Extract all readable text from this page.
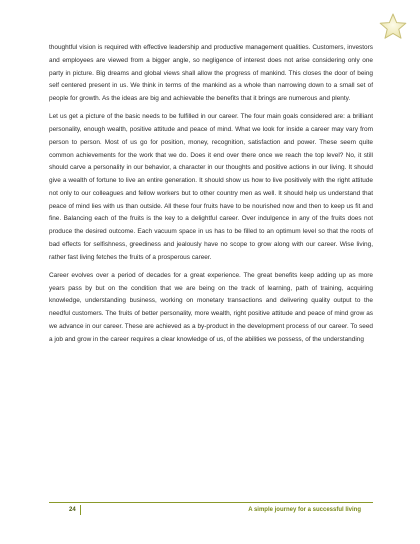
thoughtful vision is required with effective leadership and productive management qualities. Customers, investors and employees are viewed from a bigger angle, so negligence of interest does not arise considering only one party in picture. Big dreams and global views shall allow the progress of mankind. This closes the door of being self centered present in us. We think in terms of the mankind as a whole than narrowing down to a small set of people for growth. As the ideas are big and achievable the benefits that it brings are numerous and plenty.

Let us get a picture of the basic needs to be fulfilled in our career. The four main goals considered are: a brilliant personality, enough wealth, positive attitude and peace of mind. What we look for inside a career may vary from person to person. Most of us go for position, money, recognition, satisfaction and power. These seem quite common achievements for the work that we do. Does it end over there once we reach the top level? No, it still should carve a personality in our behavior, a character in our thoughts and positive actions in our living. It should give a wealth of fortune to live an entire generation. It should show us how to live positively with the right attitude not only to our colleagues and fellow workers but to other country men as well. It should help us understand that peace of mind lies with us than outside. All these four fruits have to be nourished now and then to keep us fit and fine. Balancing each of the fruits is the key to a delightful career. Over indulgence in any of the fruits does not produce the desired outcome. Each vacuum space in us has to be filled to an optimum level so that the roots of bad effects for selfishness, greediness and jealously have no scope to grow along with our career. Wise living, rather fast living fetches the fruits of a prosperous career.

Career evolves over a period of decades for a great experience. The great benefits keep adding up as more years pass by but on the condition that we are being on the track of learning, path of training, acquiring knowledge, understanding business, working on monetary transactions and delivering quality output to the needful customers. The fruits of better personality, more wealth, right positive attitude and peace of mind grow as we advance in our career. These are achieved as a by-product in the development process of our career. To seed a job and grow in the career requires a clear knowledge of us, of the abilities we possess, of the understanding

24	A simple journey for a successful living
